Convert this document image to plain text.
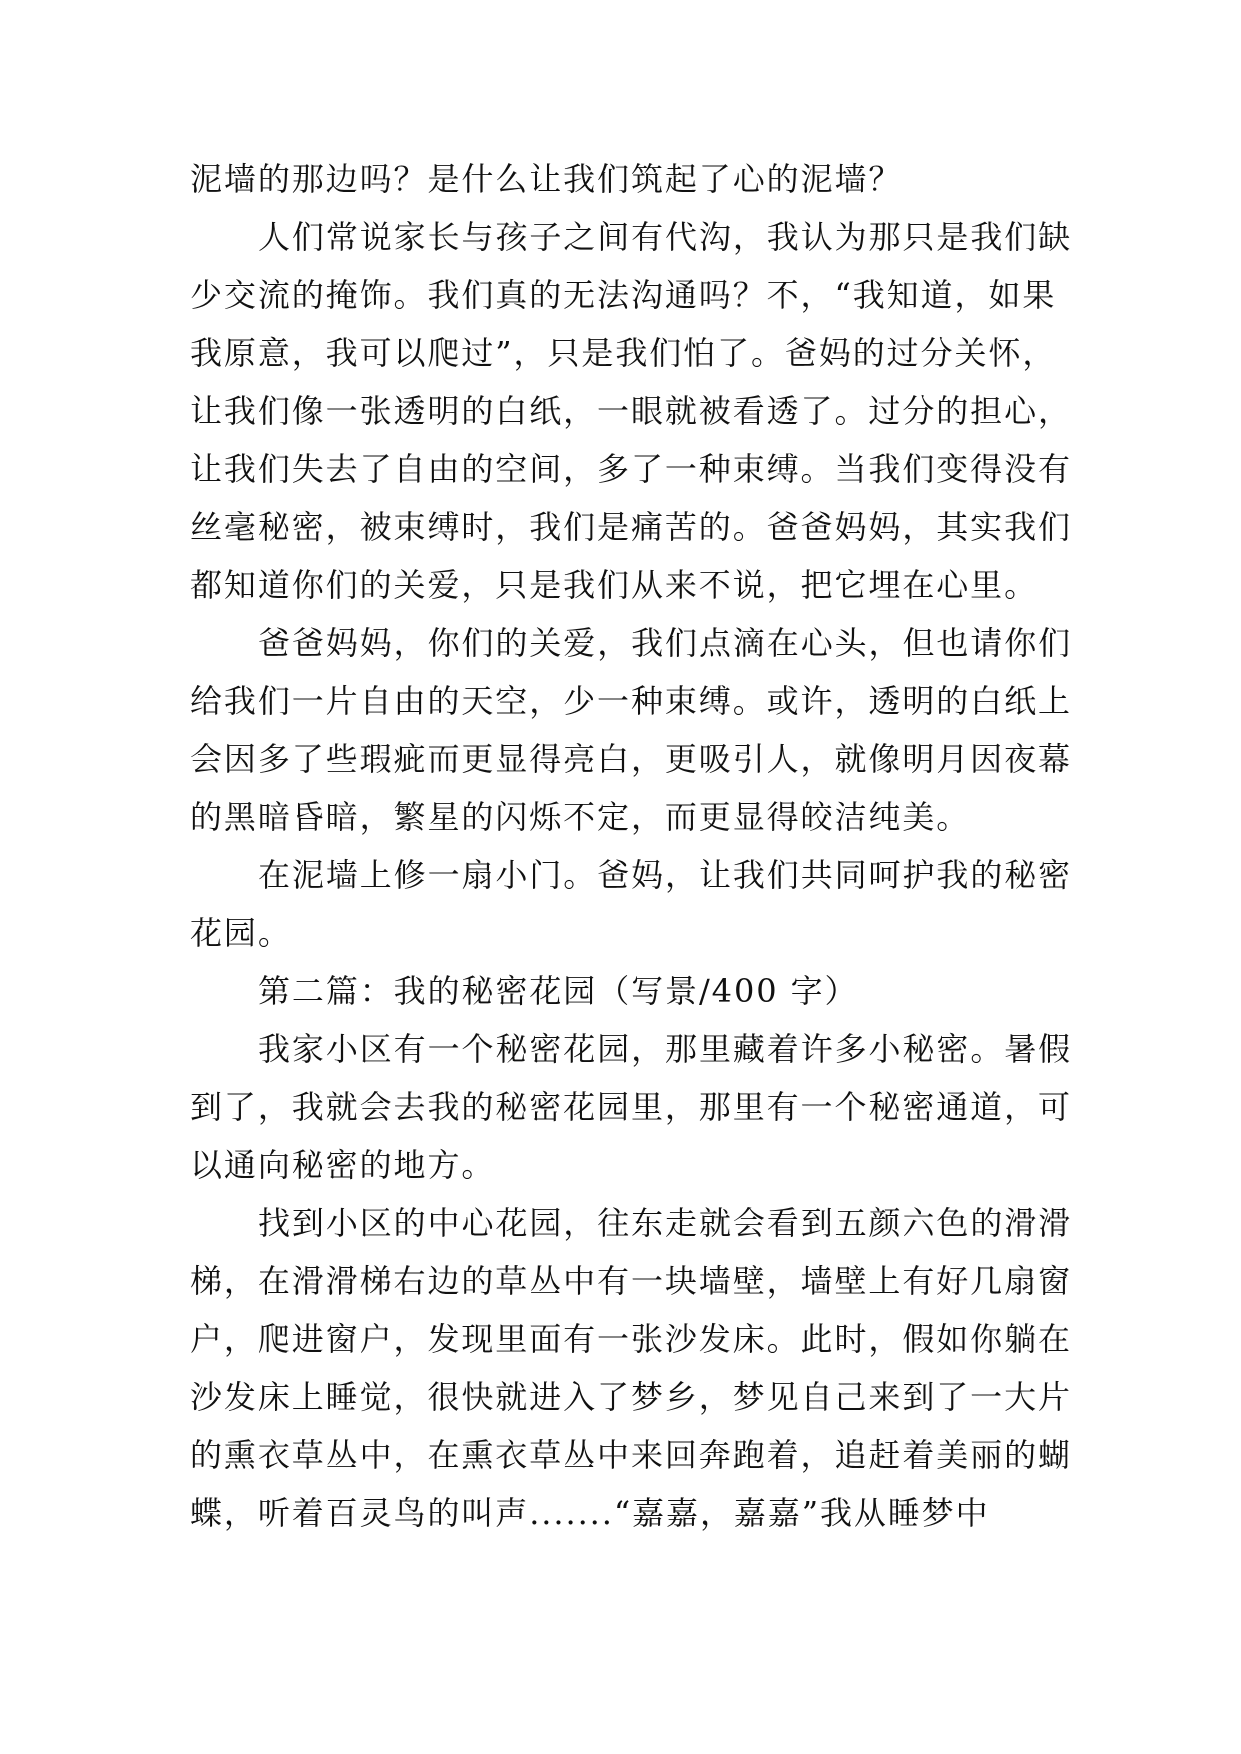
泥墙的那边吗？是什么让我们筑起了心的泥墙？
人们常说家长与孩子之间有代沟，我认为那只是我们缺
少交流的掩饰。我们真的无法沟通吗？不，“我知道，如果
我原意，我可以爬过”，只是我们怕了。爸妈的过分关怀，
让我们像一张透明的白纸，一眼就被看透了。过分的担心，
让我们失去了自由的空间，多了一种束缚。当我们变得没有
丝毫秘密，被束缚时，我们是痛苦的。爸爸妈妈，其实我们
都知道你们的关爱，只是我们从来不说，把它埋在心里。
爸爸妈妈，你们的关爱，我们点滴在心头，但也请你们
给我们一片自由的天空，少一种束缚。或许，透明的白纸上
会因多了些瑕疵而更显得亮白，更吸引人，就像明月因夜幕
的黑暗昏暗，繁星的闪烁不定，而更显得皎洁纯美。
在泥墙上修一扇小门。爸妈，让我们共同呵护我的秘密
花园。
第二篇：我的秘密花园（写景/400 字）
我家小区有一个秘密花园，那里藏着许多小秘密。暑假
到了，我就会去我的秘密花园里，那里有一个秘密通道，可
以通向秘密的地方。
找到小区的中心花园，往东走就会看到五颜六色的滑滑
梯，在滑滑梯右边的草丛中有一块墙壁，墙壁上有好几扇窗
户，爬进窗户，发现里面有一张沙发床。此时，假如你躺在
沙发床上睡觉，很快就进入了梦乡，梦见自己来到了一大片
的熏衣草丛中，在熏衣草丛中来回奔跑着，追赶着美丽的蝴
蝶，听着百灵鸟的叫声.......“嘉嘉，嘉嘉”我从睡梦中
